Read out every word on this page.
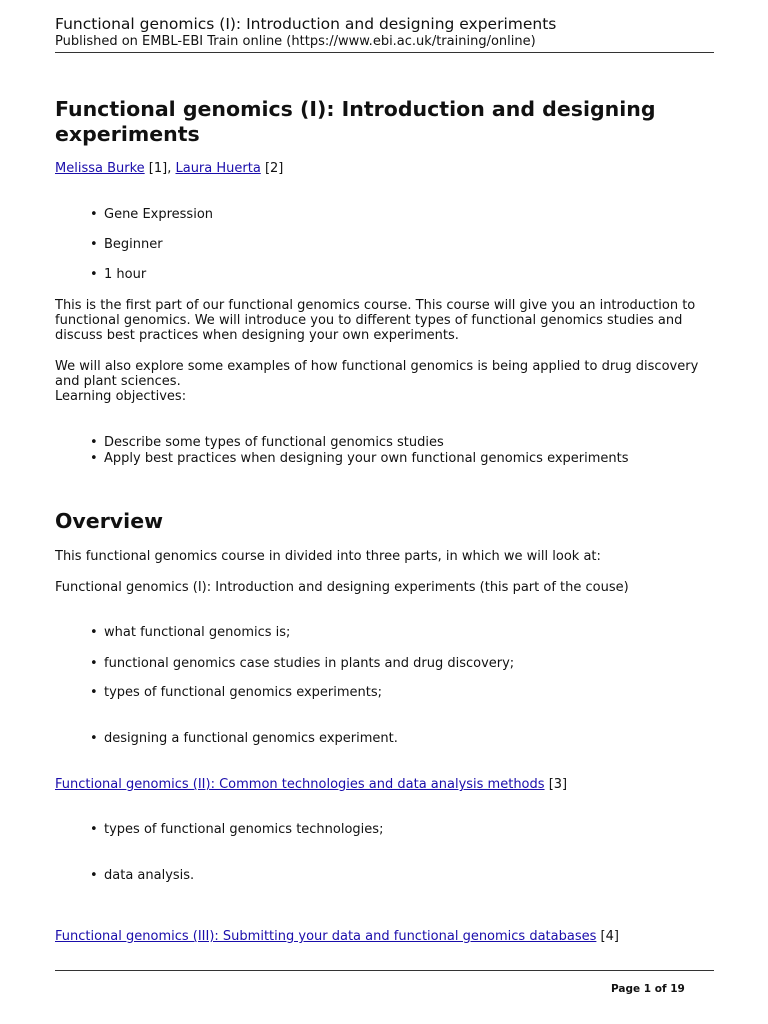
Functional genomics (I): Introduction and designing experiments
Published on EMBL-EBI Train online (https://www.ebi.ac.uk/training/online)
Functional genomics (I): Introduction and designing experiments
Melissa Burke [1], Laura Huerta [2]
• Gene Expression
• Beginner
• 1 hour
This is the first part of our functional genomics course. This course will give you an introduction to
functional genomics. We will introduce you to different types of functional genomics studies and
discuss best practices when designing your own experiments.
We will also explore some examples of how functional genomics is being applied to drug discovery
and plant sciences.
Learning objectives:
• Describe some types of functional genomics studies
• Apply best practices when designing your own functional genomics experiments
Overview
This functional genomics course in divided into three parts, in which we will look at:
Functional genomics (I): Introduction and designing experiments (this part of the couse)
• what functional genomics is;
• functional genomics case studies in plants and drug discovery;
• types of functional genomics experiments;
• designing a functional genomics experiment.
Functional genomics (II): Common technologies and data analysis methods [3]
• types of functional genomics technologies;
• data analysis.
Functional genomics (III): Submitting your data and functional genomics databases [4]
Page 1 of 19
